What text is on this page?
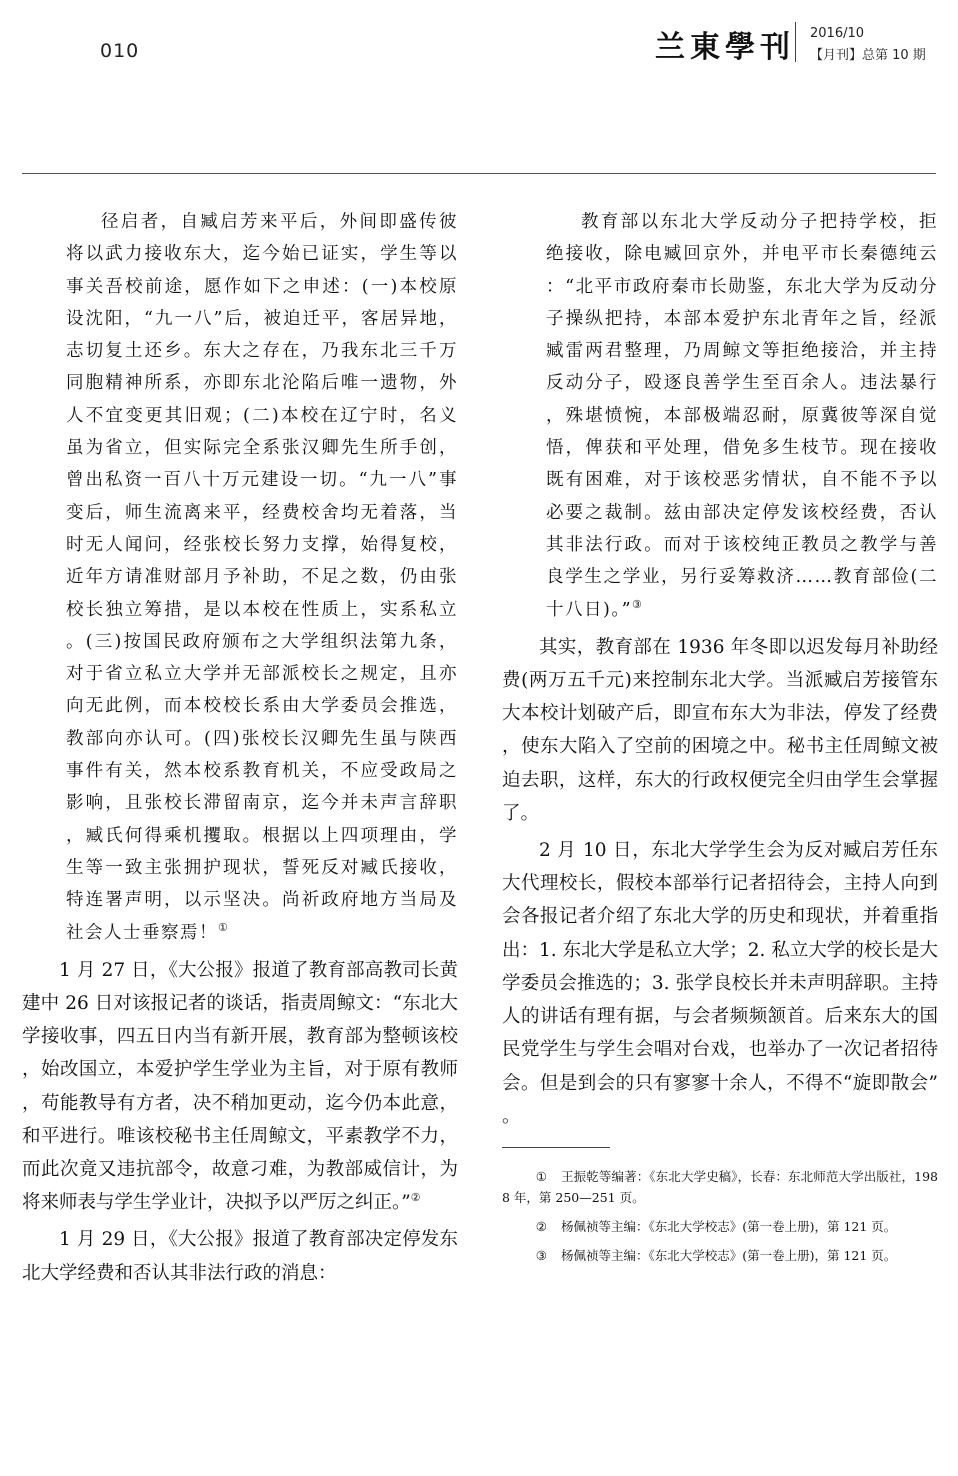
010	兰東學刊 2016/10
【月刊】总第 10 期

径启者，自臧启芳来平后，外间即盛传彼将以武力接收东大，迄今始已证实，学生等以事关吾校前途，愿作如下之申述：(一)本校原设沈阳，“九一八”后，被迫迁平，客居异地，志切复土还乡。东大之存在，乃我东北三千万同胞精神所系，亦即东北沦陷后唯一遗物，外人不宜变更其旧观；(二)本校在辽宁时，名义虽为省立，但实际完全系张汉卿先生所手创，曾出私资一百八十万元建设一切。“九一八”事变后，师生流离来平，经费校舍均无着落，当时无人闻问，经张校长努力支撑，始得复校，近年方请准财部月予补助，不足之数，仍由张校长独立筹措，是以本校在性质上，实系私立。(三)按国民政府颁布之大学组织法第九条，对于省立私立大学并无部派校长之规定，且亦向无此例，而本校校长系由大学委员会推选，教部向亦认可。(四)张校长汉卿先生虽与陕西事件有关，然本校系教育机关，不应受政局之影响，且张校长滞留南京，迄今并未声言辞职，臧氏何得乘机攫取。根据以上四项理由，学生等一致主张拥护现状，誓死反对臧氏接收，特连署声明，以示坚决。尚祈政府地方当局及社会人士垂察焉！①

1 月 27 日，《大公报》报道了教育部高教司长黄建中 26 日对该报记者的谈话，指责周鲸文：“东北大学接收事，四五日内当有新开展，教育部为整顿该校，始改国立，本爱护学生学业为主旨，对于原有教师，苟能教导有方者，决不稍加更动，迄今仍本此意，和平进行。唯该校秘书主任周鲸文，平素教学不力，而此次竟又违抗部令，故意刁难，为教部威信计，为将来师表与学生学业计，决拟予以严厉之纠正。”②

1 月 29 日，《大公报》报道了教育部决定停发东北大学经费和否认其非法行政的消息：

教育部以东北大学反动分子把持学校，拒绝接收，除电臧回京外，并电平市长秦德纯云：“北平市政府秦市长勋鉴，东北大学为反动分子操纵把持，本部本爱护东北青年之旨，经派臧雷两君整理，乃周鲸文等拒绝接洽，并主持反动分子，殴逐良善学生至百余人。违法暴行，殊堪愤惋，本部极端忍耐，原冀彼等深自觉悟，俾获和平处理，借免多生枝节。现在接收既有困难，对于该校恶劣情状，自不能不予以必要之裁制。兹由部决定停发该校经费，否认其非法行政。而对于该校纯正教员之教学与善良学生之学业，另行妥筹救济……教育部俭(二十八日)。”③

其实，教育部在 1936 年冬即以迟发每月补助经费(两万五千元)来控制东北大学。当派臧启芳接管东大本校计划破产后，即宣布东大为非法，停发了经费，使东大陷入了空前的困境之中。秘书主任周鲸文被迫去职，这样，东大的行政权便完全归由学生会掌握了。

2 月 10 日，东北大学学生会为反对臧启芳任东大代理校长，假校本部举行记者招待会，主持人向到会各报记者介绍了东北大学的历史和现状，并着重指出：1. 东北大学是私立大学；2. 私立大学的校长是大学委员会推选的；3. 张学良校长并未声明辞职。主持人的讲话有理有据，与会者频频颔首。后来东大的国民党学生与学生会唱对台戏，也举办了一次记者招待会。但是到会的只有寥寥十余人，不得不“旋即散会”。

① 王振乾等编著：《东北大学史稿》，长春：东北师范大学出版社，1988 年，第 250—251 页。

② 杨佩祯等主编：《东北大学校志》(第一卷上册)，第 121 页。

③ 杨佩祯等主编：《东北大学校志》(第一卷上册)，第 121 页。
